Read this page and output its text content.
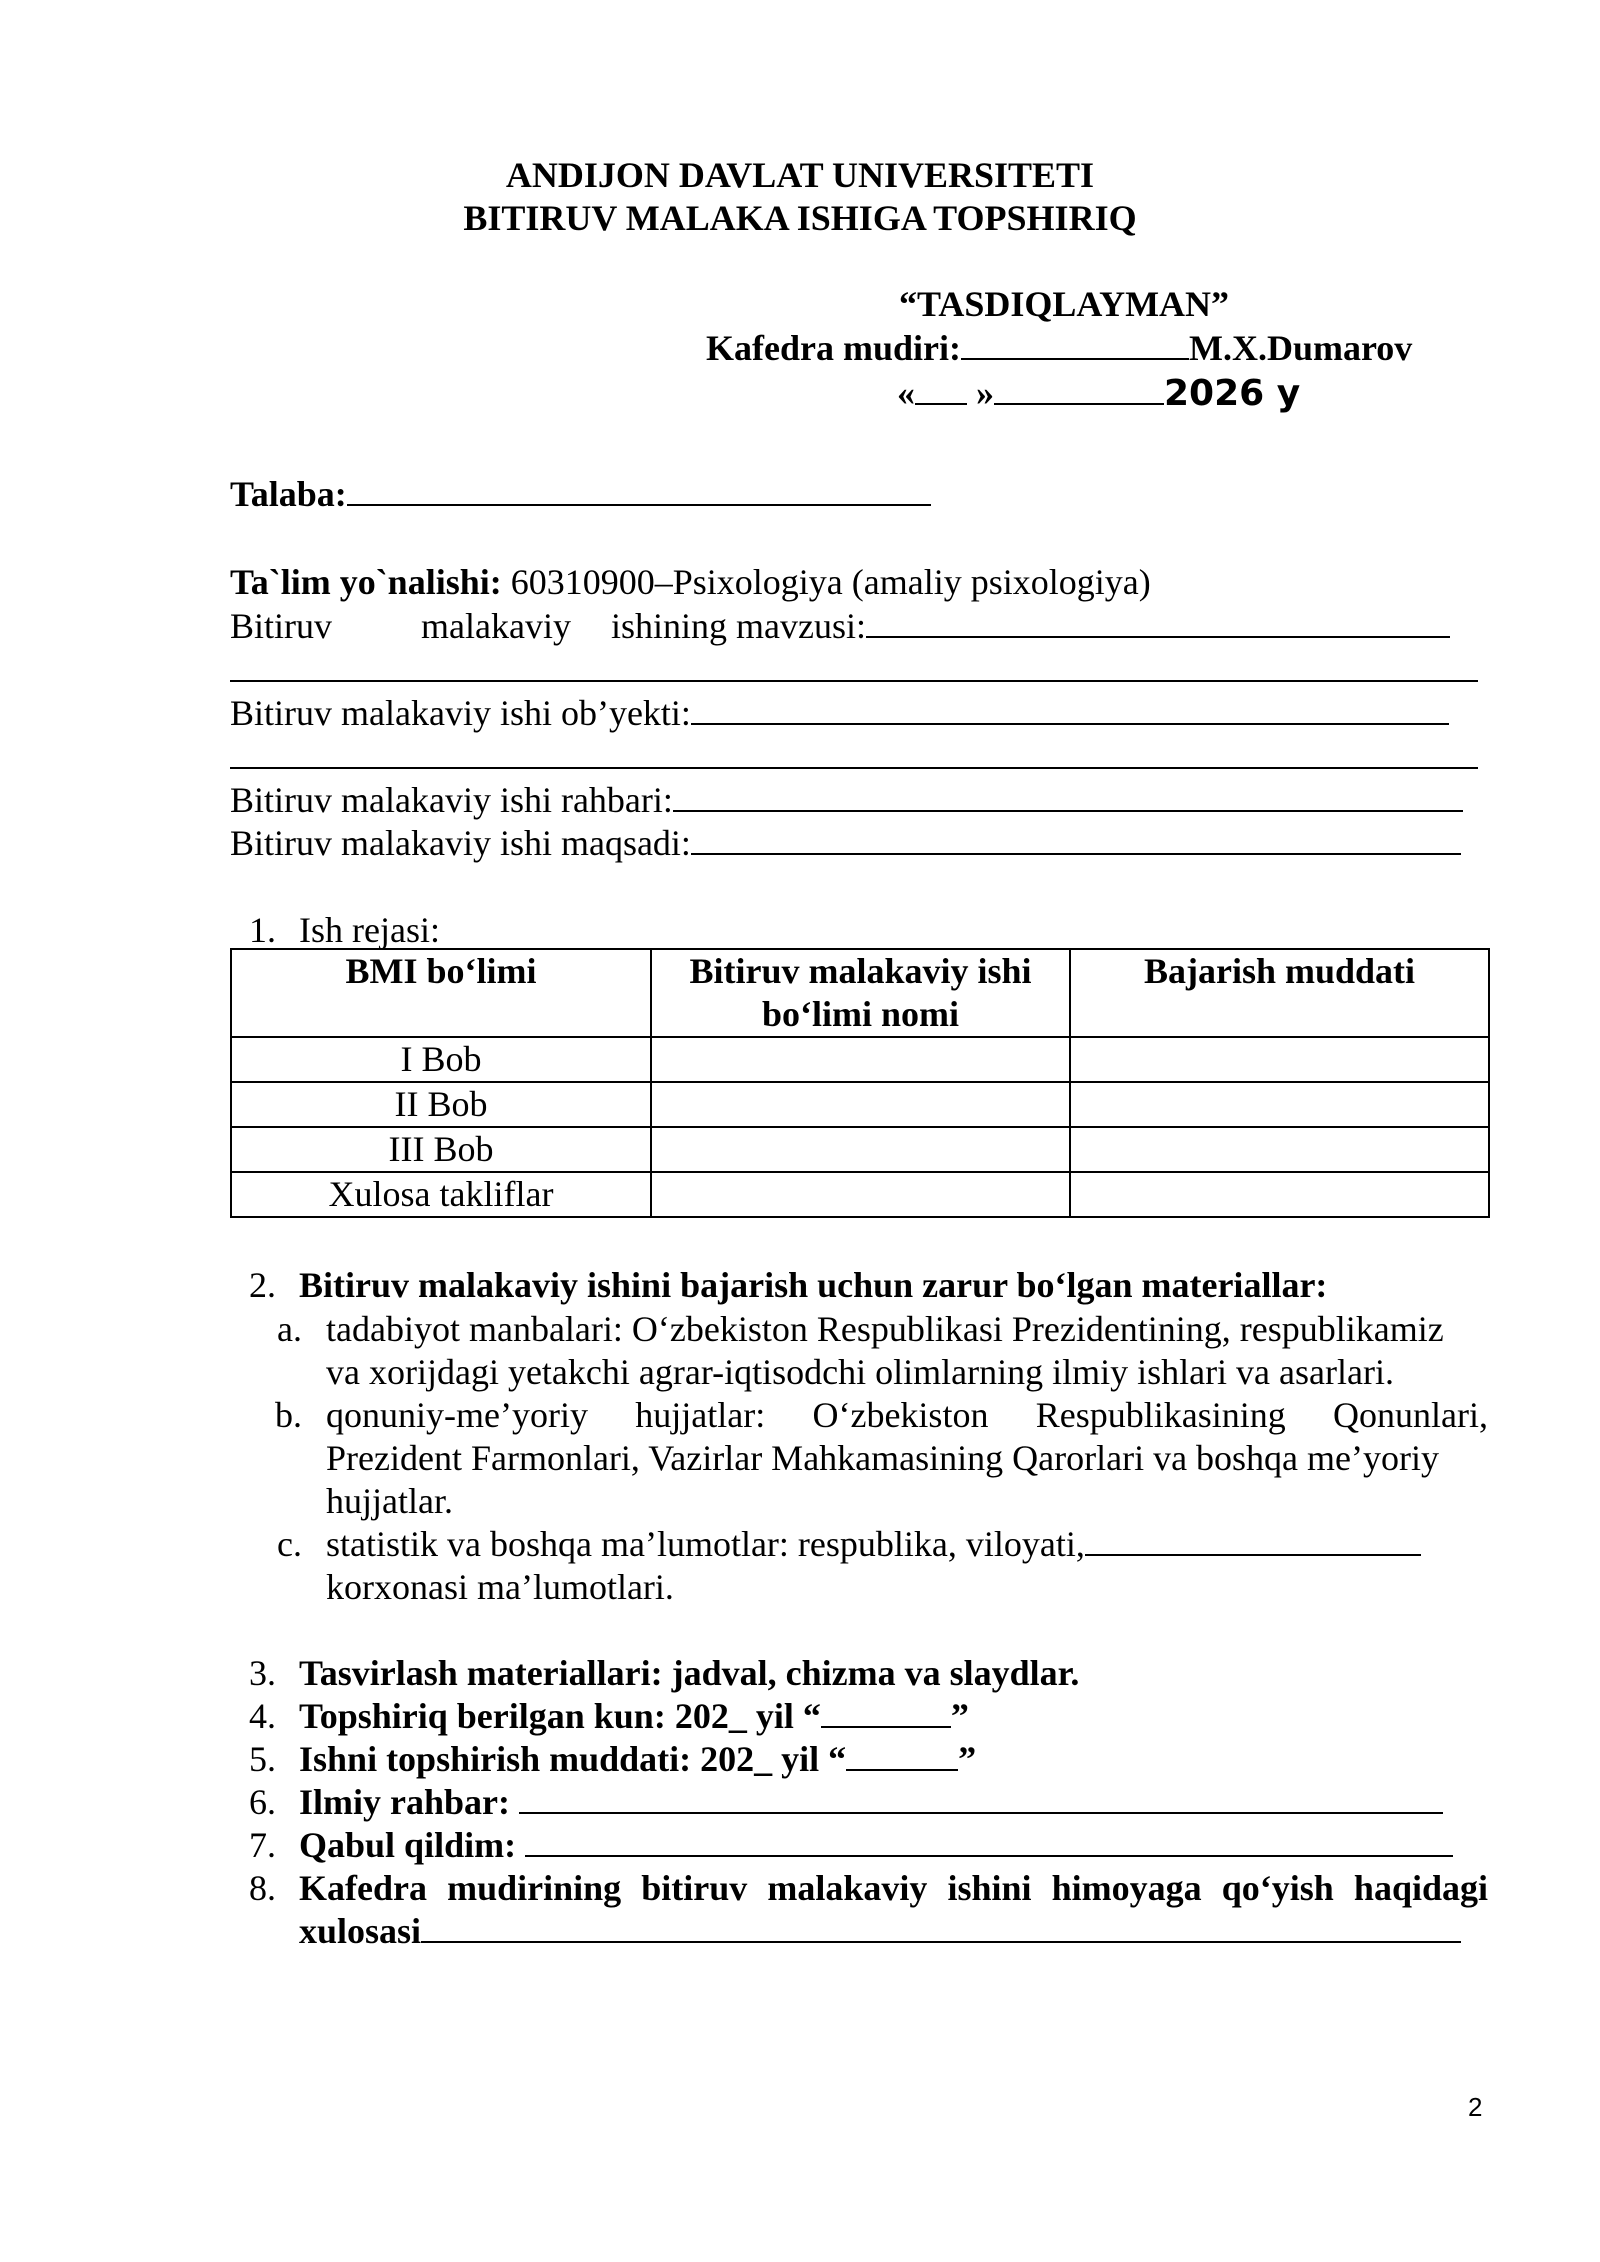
ANDIJON DAVLAT UNIVERSITETI
BITIRUV MALAKA ISHIGA TOPSHIRIQ
“TASDIQLAYMAN”
Kafedra mudiri:	M.X.Dumarov
« »	2026 y
Talaba:
Ta`lim yo`nalishi: 60310900–Psixologiya (amaliy psixologiya)
Bitiruv malakaviy ishining mavzusi:
Bitiruv malakaviy ishi ob’yekti:
Bitiruv malakaviy ishi rahbari:
Bitiruv malakaviy ishi maqsadi:
1. Ish rejasi:
BMI bo‘limi	Bitiruv malakaviy ishi bo‘limi nomi	Bajarish muddati
I Bob		
II Bob		
III Bob		
Xulosa takliflar		
2. Bitiruv malakaviy ishini bajarish uchun zarur bo‘lgan materiallar:
a. tadabiyot manbalari: O‘zbekiston Respublikasi Prezidentining, respublikamiz
va xorijdagi yetakchi agrar-iqtisodchi olimlarning ilmiy ishlari va asarlari.
b. qonuniy-me’yoriy hujjatlar: O‘zbekiston Respublikasining Qonunlari,
Prezident Farmonlari, Vazirlar Mahkamasining Qarorlari va boshqa me’yoriy
hujjatlar.
c. statistik va boshqa ma’lumotlar: respublika, viloyati,
korxonasi ma’lumotlari.
3. Tasvirlash materiallari: jadval, chizma va slaydlar.
4. Topshiriq berilgan kun: 202_ yil “	”
5. Ishni topshirish muddati: 202_ yil “	”
6. Ilmiy rahbar:
7. Qabul qildim:
8. Kafedra mudirining bitiruv malakaviy ishini himoyaga qo‘yish haqidagi
xulosasi
2
